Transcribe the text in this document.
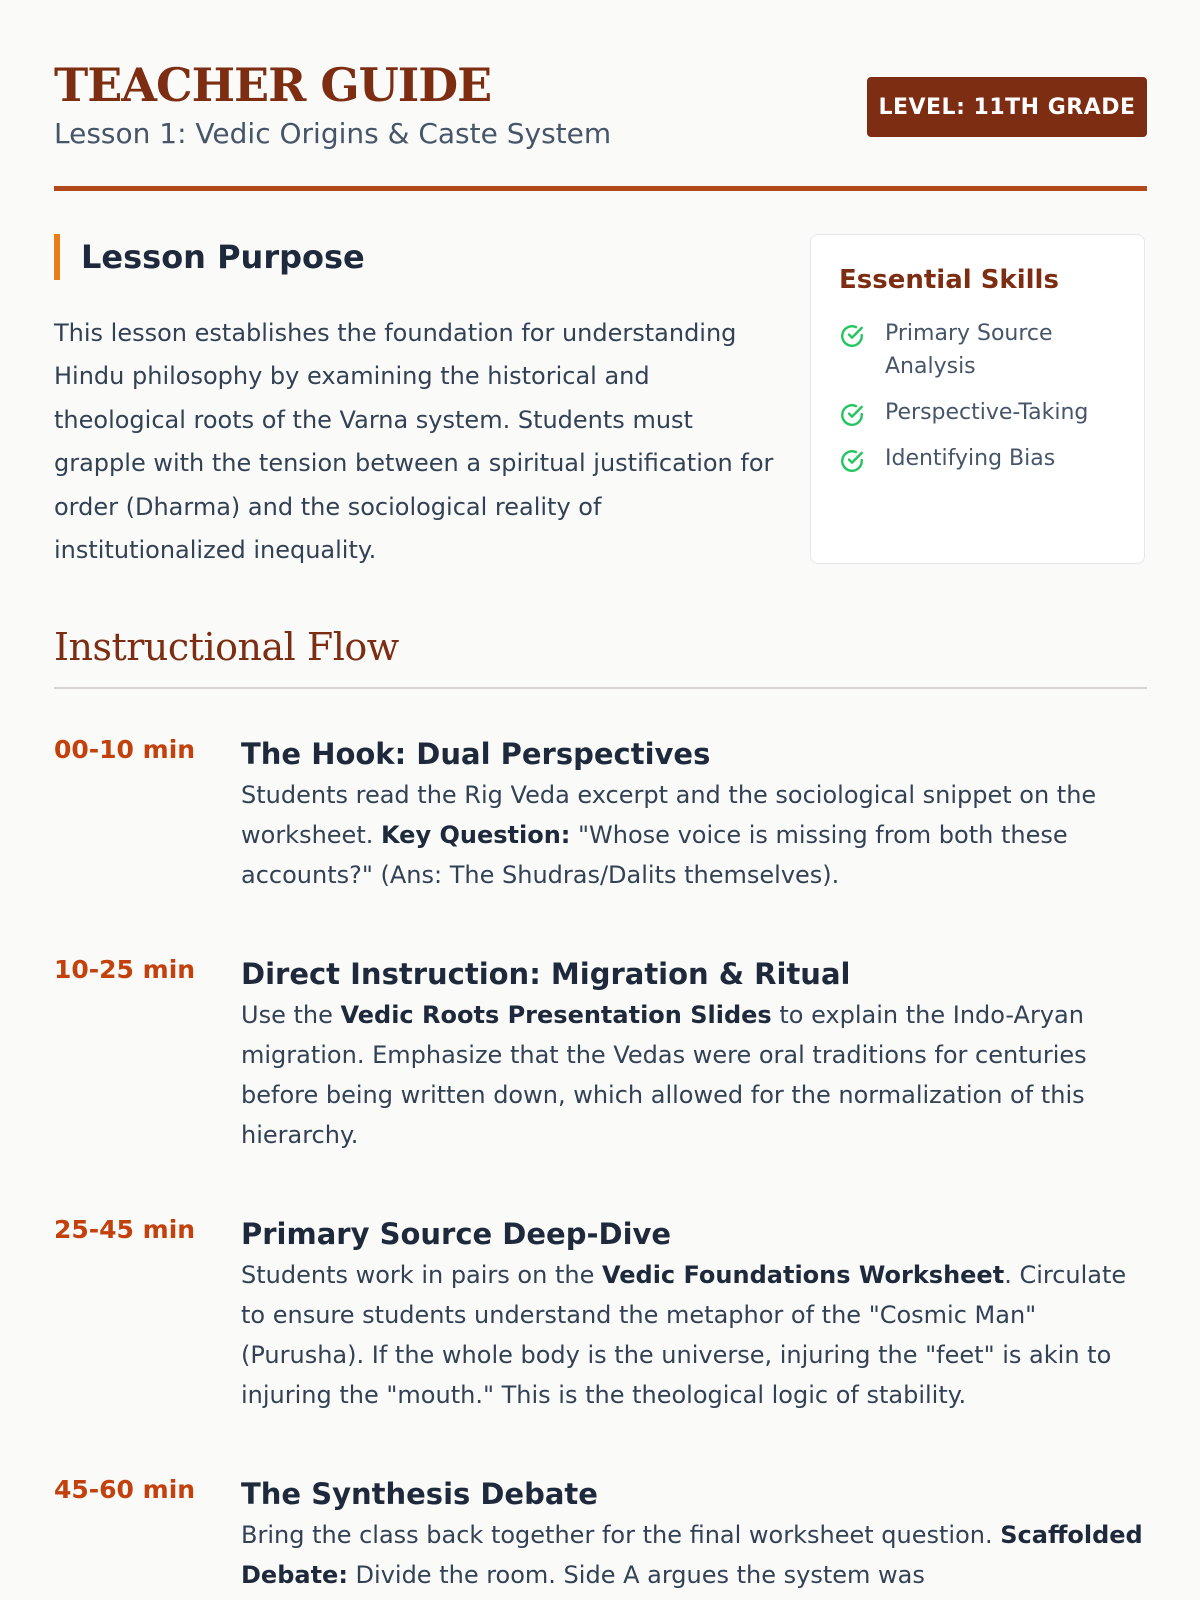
TEACHER GUIDE
Lesson 1: Vedic Origins & Caste System
LEVEL: 11TH GRADE
Lesson Purpose

This lesson establishes the foundation for understanding Hindu philosophy by examining the historical and theological roots of the Varna system. Students must grapple with the tension between a spiritual justification for order (Dharma) and the sociological reality of institutionalized inequality.

Essential Skills
Primary Source Analysis
Perspective-Taking
Identifying Bias
Instructional Flow
00-10 min The Hook: Dual Perspectives

Students read the Rig Veda excerpt and the sociological snippet on the worksheet. Key Question: "Whose voice is missing from both these accounts?" (Ans: The Shudras/Dalits themselves).

10-25 min Direct Instruction: Migration & Ritual

Use the Vedic Roots Presentation Slides to explain the Indo-Aryan migration. Emphasize that the Vedas were oral traditions for centuries before being written down, which allowed for the normalization of this hierarchy.

25-45 min Primary Source Deep-Dive

Students work in pairs on the Vedic Foundations Worksheet. Circulate to ensure students understand the metaphor of the "Cosmic Man" (Purusha). If the whole body is the universe, injuring the "feet" is akin to injuring the "mouth." This is the theological logic of stability.

45-60 min The Synthesis Debate

Bring the class back together for the final worksheet question. Scaffolded Debate: Divide the room. Side A argues the system was
